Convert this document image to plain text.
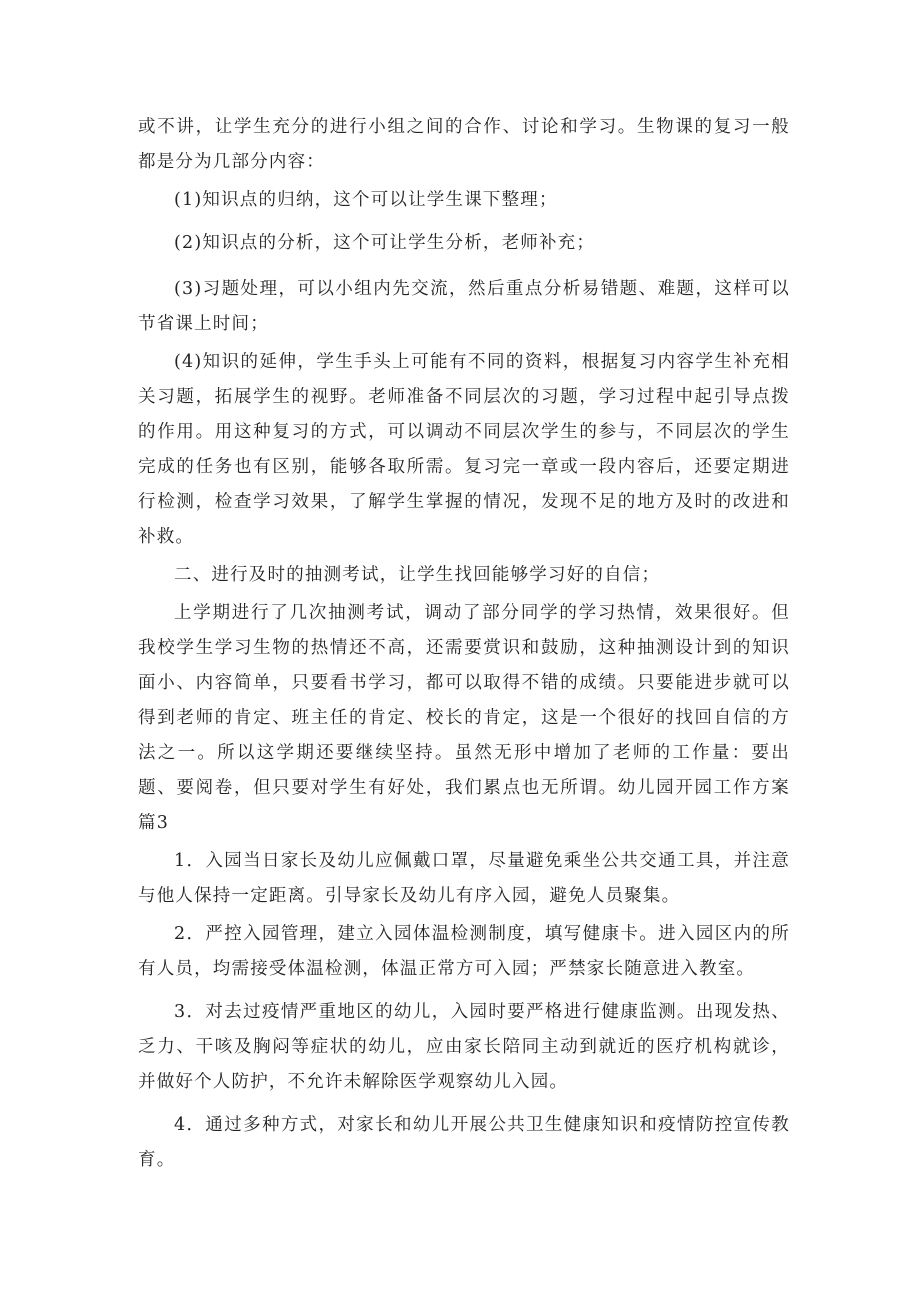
或不讲，让学生充分的进行小组之间的合作、讨论和学习。生物课的复习一般都是分为几部分内容：

(1)知识点的归纳，这个可以让学生课下整理；

(2)知识点的分析，这个可让学生分析，老师补充；

(3)习题处理，可以小组内先交流，然后重点分析易错题、难题，这样可以节省课上时间；

(4)知识的延伸，学生手头上可能有不同的资料，根据复习内容学生补充相关习题，拓展学生的视野。老师准备不同层次的习题，学习过程中起引导点拨的作用。用这种复习的方式，可以调动不同层次学生的参与，不同层次的学生完成的任务也有区别，能够各取所需。复习完一章或一段内容后，还要定期进行检测，检查学习效果，了解学生掌握的情况，发现不足的地方及时的改进和补救。

二、进行及时的抽测考试，让学生找回能够学习好的自信；

上学期进行了几次抽测考试，调动了部分同学的学习热情，效果很好。但我校学生学习生物的热情还不高，还需要赏识和鼓励，这种抽测设计到的知识面小、内容简单，只要看书学习，都可以取得不错的成绩。只要能进步就可以得到老师的肯定、班主任的肯定、校长的肯定，这是一个很好的找回自信的方法之一。所以这学期还要继续坚持。虽然无形中增加了老师的工作量：要出题、要阅卷，但只要对学生有好处，我们累点也无所谓。幼儿园开园工作方案篇3

1．入园当日家长及幼儿应佩戴口罩，尽量避免乘坐公共交通工具，并注意与他人保持一定距离。引导家长及幼儿有序入园，避免人员聚集。

2．严控入园管理，建立入园体温检测制度，填写健康卡。进入园区内的所有人员，均需接受体温检测，体温正常方可入园；严禁家长随意进入教室。

3．对去过疫情严重地区的幼儿，入园时要严格进行健康监测。出现发热、乏力、干咳及胸闷等症状的幼儿，应由家长陪同主动到就近的医疗机构就诊，并做好个人防护，不允许未解除医学观察幼儿入园。

4．通过多种方式，对家长和幼儿开展公共卫生健康知识和疫情防控宣传教育。
